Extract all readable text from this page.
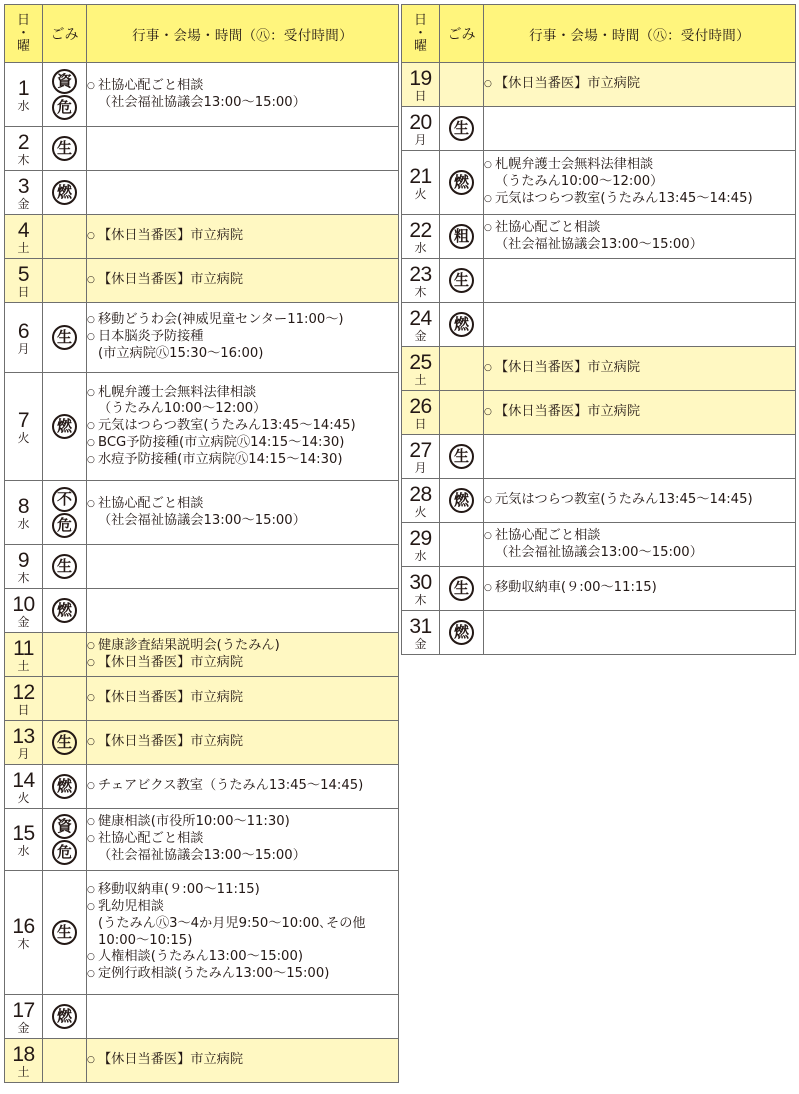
日
・
曜	ごみ	行事・会場・時間（㊇：受付時間）

1
水	資
危	○ 社協心配ごと相談
（社会福祉協議会13:00〜15:00）

2
木	生	

3
金	燃	

4
土		○ 【休日当番医】市立病院

5
日		○ 【休日当番医】市立病院

6
月	生	○ 移動どうわ会(神威児童センター11:00〜)
○ 日本脳炎予防接種
(市立病院㊇15:30〜16:00)

7
火	燃	○ 札幌弁護士会無料法律相談
（うたみん10:00〜12:00）
○ 元気はつらつ教室(うたみん13:45〜14:45)
○ BCG予防接種(市立病院㊇14:15〜14:30)
○ 水痘予防接種(市立病院㊇14:15〜14:30)

8
水	不
危	○ 社協心配ごと相談
（社会福祉協議会13:00〜15:00）

9
木	生	

10
金	燃	

11
土		○ 健康診査結果説明会(うたみん)
○ 【休日当番医】市立病院

12
日		○ 【休日当番医】市立病院

13
月	生	○ 【休日当番医】市立病院

14
火	燃	○ チェアビクス教室（うたみん13:45〜14:45)

15
水	資
危	○ 健康相談(市役所10:00〜11:30)
○ 社協心配ごと相談
（社会福祉協議会13:00〜15:00）

16
木	生	○ 移動収納車(９:00〜11:15)
○ 乳幼児相談
(うたみん㊇3〜4か月児9:50〜10:00､その他10:00〜10:15)
○ 人権相談(うたみん13:00〜15:00)
○ 定例行政相談(うたみん13:00〜15:00)

17
金	燃	

18
土		○ 【休日当番医】市立病院
日
・
曜	ごみ	行事・会場・時間（㊇：受付時間）

19
日		○ 【休日当番医】市立病院

20
月	生	

21
火	燃	○ 札幌弁護士会無料法律相談
（うたみん10:00〜12:00）
○ 元気はつらつ教室(うたみん13:45〜14:45)

22
水	粗	○ 社協心配ごと相談
（社会福祉協議会13:00〜15:00）

23
木	生	

24
金	燃	

25
土		○ 【休日当番医】市立病院

26
日		○ 【休日当番医】市立病院

27
月	生	

28
火	燃	○ 元気はつらつ教室(うたみん13:45〜14:45)

29
水		○ 社協心配ごと相談
（社会福祉協議会13:00〜15:00）

30
木	生	○ 移動収納車(９:00〜11:15)

31
金	燃	
